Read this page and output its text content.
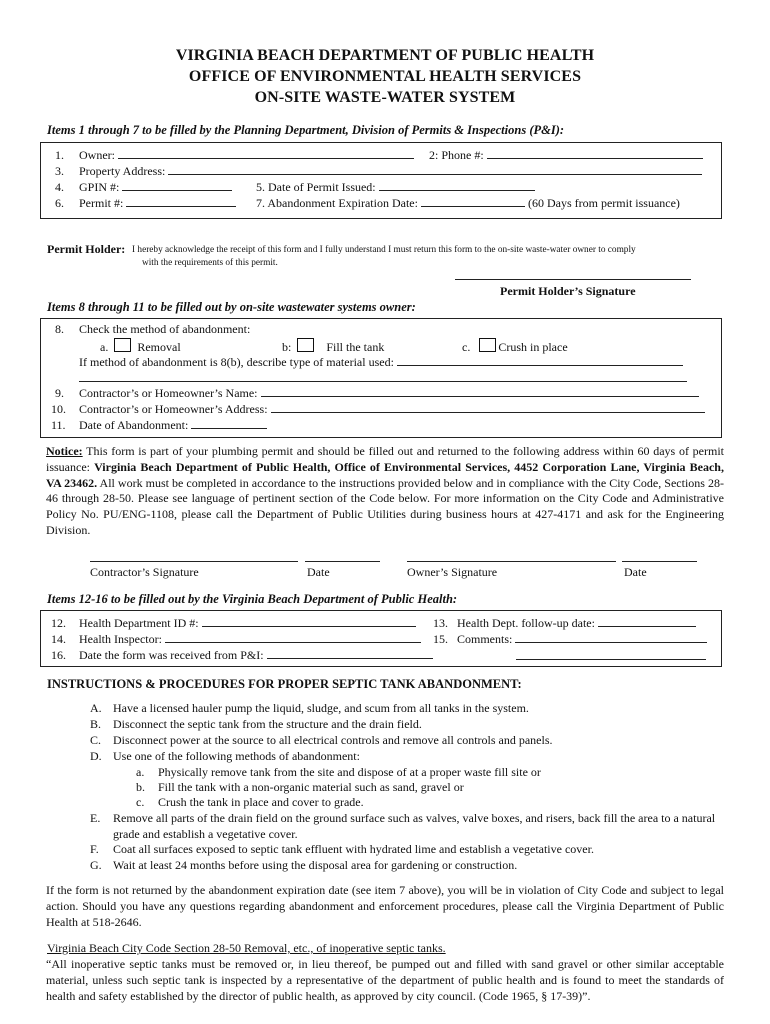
VIRGINIA BEACH DEPARTMENT OF PUBLIC HEALTH
OFFICE OF ENVIRONMENTAL HEALTH SERVICES
ON-SITE WASTE-WATER SYSTEM
Items 1 through 7 to be filled by the Planning Department, Division of Permits & Inspections (P&I):
1. Owner:	2: Phone #:
3. Property Address:
4. GPIN #:	5. Date of Permit Issued:
6. Permit #:	7. Abandonment Expiration Date:	(60 Days from permit issuance)
Permit Holder: I hereby acknowledge the receipt of this form and I fully understand I must return this form to the on-site waste-water owner to comply
with the requirements of this permit.
Permit Holder’s Signature
Items 8 through 11 to be filled out by on-site wastewater systems owner:
8. Check the method of abandonment:
a. Removal	b:	Fill the tank	c. Crush in place
If method of abandonment is 8(b), describe type of material used:
9. Contractor’s or Homeowner’s Name:
10. Contractor’s or Homeowner’s Address:
11. Date of Abandonment:
Notice: This form is part of your plumbing permit and should be filled out and returned to the following address within 60 days of permit issuance: Virginia Beach Department of Public Health, Office of Environmental Services, 4452 Corporation Lane, Virginia Beach, VA 23462. All work must be completed in accordance to the instructions provided below and in compliance with the City Code, Sections 28-46 through 28-50. Please see language of pertinent section of the Code below. For more information on the City Code and Administrative Policy No. PU/ENG-1108, please call the Department of Public Utilities during business hours at 427-4171 and ask for the Engineering Division.
Contractor’s Signature	Date	Owner’s Signature	Date
Items 12-16 to be filled out by the Virginia Beach Department of Public Health:
12. Health Department ID #:	13. Health Dept. follow-up date:
14. Health Inspector:	15. Comments:
16. Date the form was received from P&I:
INSTRUCTIONS & PROCEDURES FOR PROPER SEPTIC TANK ABANDONMENT:
A. Have a licensed hauler pump the liquid, sludge, and scum from all tanks in the system.
B. Disconnect the septic tank from the structure and the drain field.
C. Disconnect power at the source to all electrical controls and remove all controls and panels.
D. Use one of the following methods of abandonment:
a. Physically remove tank from the site and dispose of at a proper waste fill site or
b. Fill the tank with a non-organic material such as sand, gravel or
c. Crush the tank in place and cover to grade.
E. Remove all parts of the drain field on the ground surface such as valves, valve boxes, and risers, back fill the area to a natural grade and establish a vegetative cover.
F. Coat all surfaces exposed to septic tank effluent with hydrated lime and establish a vegetative cover.
G. Wait at least 24 months before using the disposal area for gardening or construction.
If the form is not returned by the abandonment expiration date (see item 7 above), you will be in violation of City Code and subject to legal action. Should you have any questions regarding abandonment and enforcement procedures, please call the Virginia Department of Public Health at 518-2646.
Virginia Beach City Code Section 28-50 Removal, etc., of inoperative septic tanks.
“All inoperative septic tanks must be removed or, in lieu thereof, be pumped out and filled with sand gravel or other similar acceptable material, unless such septic tank is inspected by a representative of the department of public health and is found to meet the standards of health and safety established by the director of public health, as approved by city council. (Code 1965, § 17-39)”.
